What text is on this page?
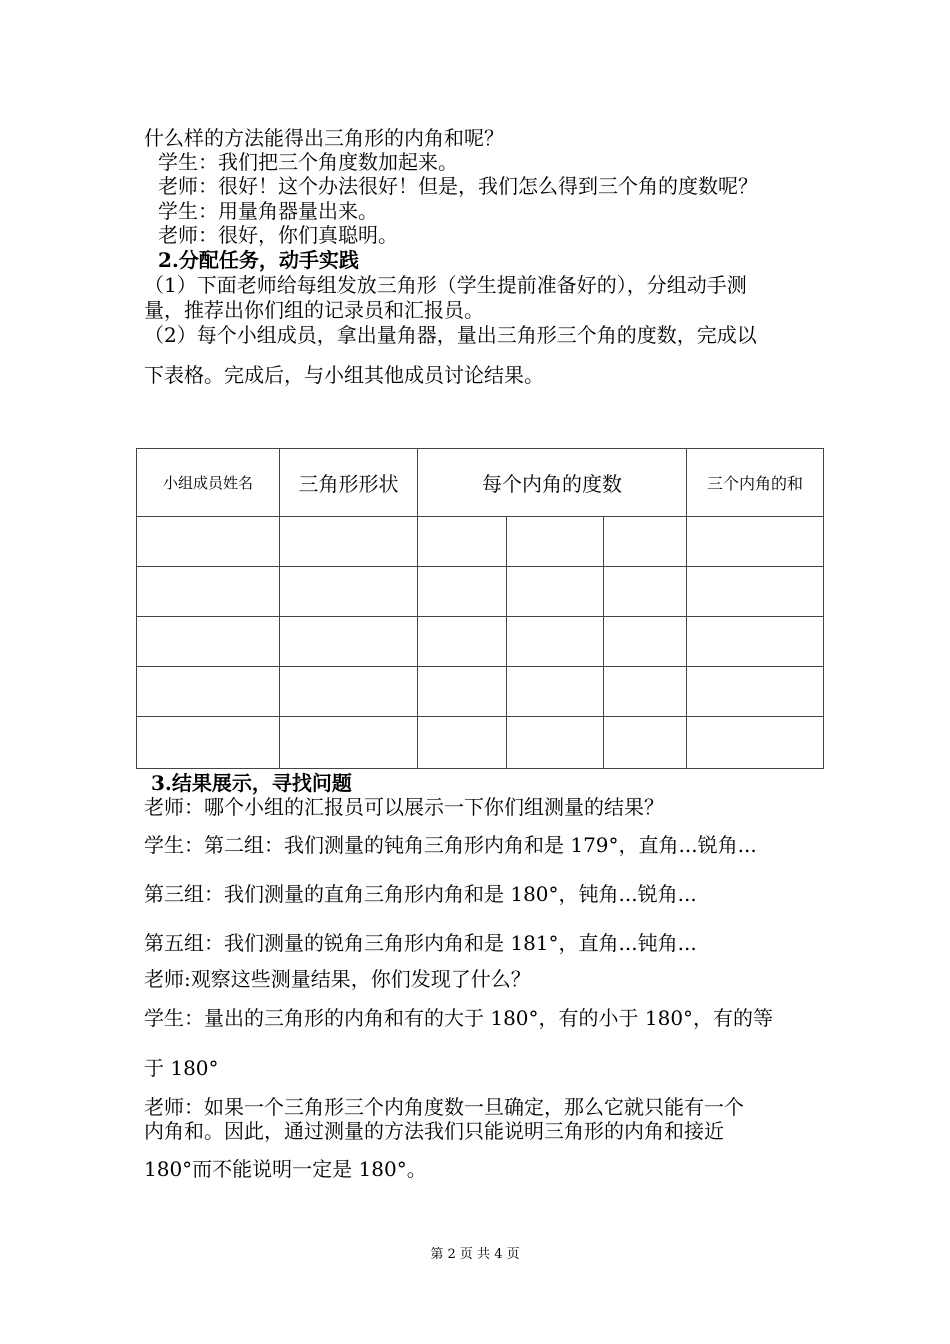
什么样的方法能得出三角形的内角和呢？
学生：我们把三个角度数加起来。
老师：很好！这个办法很好！但是，我们怎么得到三个角的度数呢？
学生：用量角器量出来。
老师：很好，你们真聪明。
2.分配任务，动手实践
（1）下面老师给每组发放三角形（学生提前准备好的），分组动手测
量，推荐出你们组的记录员和汇报员。
（2）每个小组成员，拿出量角器，量出三角形三个角的度数，完成以
下表格。完成后，与小组其他成员讨论结果。
小组成员姓名	三角形形状	每个内角的度数			三个内角的和

3.结果展示，寻找问题
老师：哪个小组的汇报员可以展示一下你们组测量的结果？
学生：第二组：我们测量的钝角三角形内角和是 179°，直角...锐角...
第三组：我们测量的直角三角形内角和是 180°，钝角...锐角...
第五组：我们测量的锐角三角形内角和是 181°，直角...钝角...
老师:观察这些测量结果，你们发现了什么？
学生：量出的三角形的内角和有的大于 180°，有的小于 180°，有的等
于 180°
老师：如果一个三角形三个内角度数一旦确定，那么它就只能有一个
内角和。因此，通过测量的方法我们只能说明三角形的内角和接近
180°而不能说明一定是 180°。
第 2 页 共 4 页
